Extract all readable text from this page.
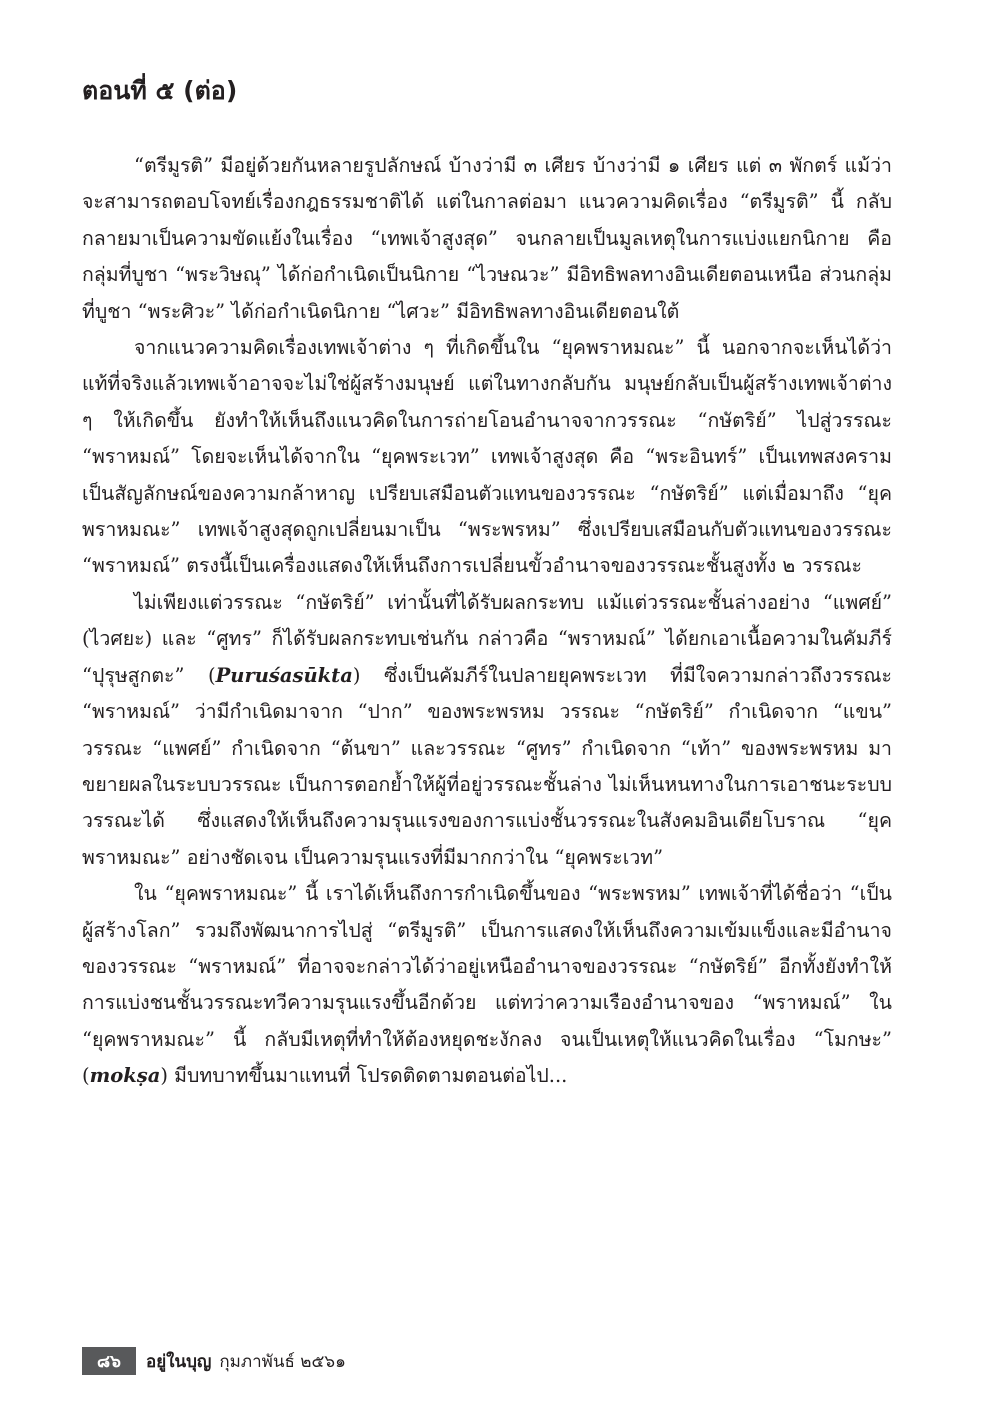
ตอนที่ ๕ (ต่อ)

“ตรีมูรติ” มีอยู่ด้วยกันหลายรูปลักษณ์ บ้างว่ามี ๓ เศียร บ้างว่ามี ๑ เศียร แต่ ๓ พักตร์ แม้ว่าจะสามารถตอบโจทย์เรื่องกฎธรรมชาติได้ แต่ในกาลต่อมา แนวความคิดเรื่อง “ตรีมูรติ” นี้ กลับกลายมาเป็นความขัดแย้งในเรื่อง “เทพเจ้าสูงสุด” จนกลายเป็นมูลเหตุในการแบ่งแยกนิกาย คือ กลุ่มที่บูชา “พระวิษณุ” ได้ก่อกำเนิดเป็นนิกาย “ไวษณวะ” มีอิทธิพลทางอินเดียตอนเหนือ ส่วนกลุ่มที่บูชา “พระศิวะ” ได้ก่อกำเนิดนิกาย “ไศวะ” มีอิทธิพลทางอินเดียตอนใต้

จากแนวความคิดเรื่องเทพเจ้าต่าง ๆ ที่เกิดขึ้นใน “ยุคพราหมณะ” นี้ นอกจากจะเห็นได้ว่า แท้ที่จริงแล้วเทพเจ้าอาจจะไม่ใช่ผู้สร้างมนุษย์ แต่ในทางกลับกัน มนุษย์กลับเป็นผู้สร้างเทพเจ้าต่าง ๆ ให้เกิดขึ้น ยังทำให้เห็นถึงแนวคิดในการถ่ายโอนอำนาจจากวรรณะ “กษัตริย์” ไปสู่วรรณะ “พราหมณ์” โดยจะเห็นได้จากใน “ยุคพระเวท” เทพเจ้าสูงสุด คือ “พระอินทร์” เป็นเทพสงคราม เป็นสัญลักษณ์ของความกล้าหาญ เปรียบเสมือนตัวแทนของวรรณะ “กษัตริย์” แต่เมื่อมาถึง “ยุคพราหมณะ” เทพเจ้าสูงสุดถูกเปลี่ยนมาเป็น “พระพรหม” ซึ่งเปรียบเสมือนกับตัวแทนของวรรณะ “พราหมณ์” ตรงนี้เป็นเครื่องแสดงให้เห็นถึงการเปลี่ยนขั้วอำนาจของวรรณะชั้นสูงทั้ง ๒ วรรณะ

ไม่เพียงแต่วรรณะ “กษัตริย์” เท่านั้นที่ได้รับผลกระทบ แม้แต่วรรณะชั้นล่างอย่าง “แพศย์” (ไวศยะ) และ “ศูทร” ก็ได้รับผลกระทบเช่นกัน กล่าวคือ “พราหมณ์” ได้ยกเอาเนื้อความในคัมภีร์ “ปุรุษสูกตะ” (Puruśasūkta) ซึ่งเป็นคัมภีร์ในปลายยุคพระเวท ที่มีใจความกล่าวถึงวรรณะ “พราหมณ์” ว่ามีกำเนิดมาจาก “ปาก” ของพระพรหม วรรณะ “กษัตริย์” กำเนิดจาก “แขน” วรรณะ “แพศย์” กำเนิดจาก “ต้นขา” และวรรณะ “ศูทร” กำเนิดจาก “เท้า” ของพระพรหม มาขยายผลในระบบวรรณะ เป็นการตอกย้ำให้ผู้ที่อยู่วรรณะชั้นล่าง ไม่เห็นหนทางในการเอาชนะระบบวรรณะได้ ซึ่งแสดงให้เห็นถึงความรุนแรงของการแบ่งชั้นวรรณะในสังคมอินเดียโบราณ “ยุคพราหมณะ” อย่างชัดเจน เป็นความรุนแรงที่มีมากกว่าใน “ยุคพระเวท”

ใน “ยุคพราหมณะ” นี้ เราได้เห็นถึงการกำเนิดขึ้นของ “พระพรหม” เทพเจ้าที่ได้ชื่อว่า “เป็นผู้สร้างโลก” รวมถึงพัฒนาการไปสู่ “ตรีมูรติ” เป็นการแสดงให้เห็นถึงความเข้มแข็งและมีอำนาจของวรรณะ “พราหมณ์” ที่อาจจะกล่าวได้ว่าอยู่เหนืออำนาจของวรรณะ “กษัตริย์” อีกทั้งยังทำให้การแบ่งชนชั้นวรรณะทวีความรุนแรงขึ้นอีกด้วย แต่ทว่าความเรืองอำนาจของ “พราหมณ์” ใน “ยุคพราหมณะ” นี้ กลับมีเหตุที่ทำให้ต้องหยุดชะงักลง จนเป็นเหตุให้แนวคิดในเรื่อง “โมกษะ” (mokṣa) มีบทบาทขึ้นมาแทนที่ โปรดติดตามตอนต่อไป...

๘๖	อยู่ในบุญ กุมภาพันธ์ ๒๕๖๑
